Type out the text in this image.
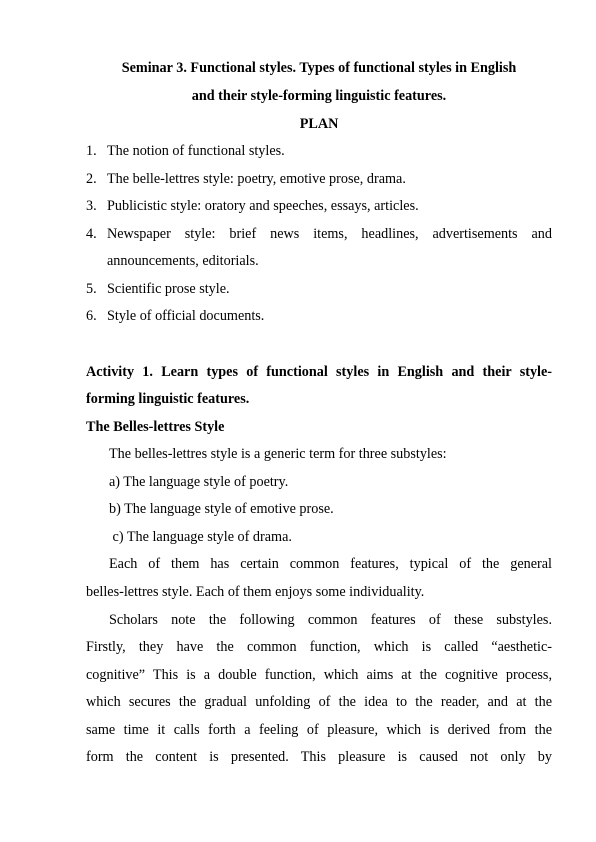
Seminar 3. Functional styles. Types of functional styles in English
and their style-forming linguistic features.
PLAN
1. The notion of functional styles.
2. The belle-lettres style: poetry, emotive prose, drama.
3. Publicistic style: oratory and speeches, essays, articles.
4. Newspaper style: brief news items, headlines, advertisements and
announcements, editorials.
5. Scientific prose style.
6. Style of official documents.
Activity 1. Learn types of functional styles in English and their style-
forming linguistic features.
The Belles-lettres Style
The belles-lettres style is a generic term for three substyles:
a) The language style of poetry.
b) The language style of emotive prose.
c) The language style of drama.
Each of them has certain common features, typical of the general
belles-lettres style. Each of them enjoys some individuality.
Scholars note the following common features of these substyles.
Firstly, they have the common function, which is called “aesthetic-
cognitive” This is a double function, which aims at the cognitive process,
which secures the gradual unfolding of the idea to the reader, and at the
same time it calls forth a feeling of pleasure, which is derived from the
form the content is presented. This pleasure is caused not only by
